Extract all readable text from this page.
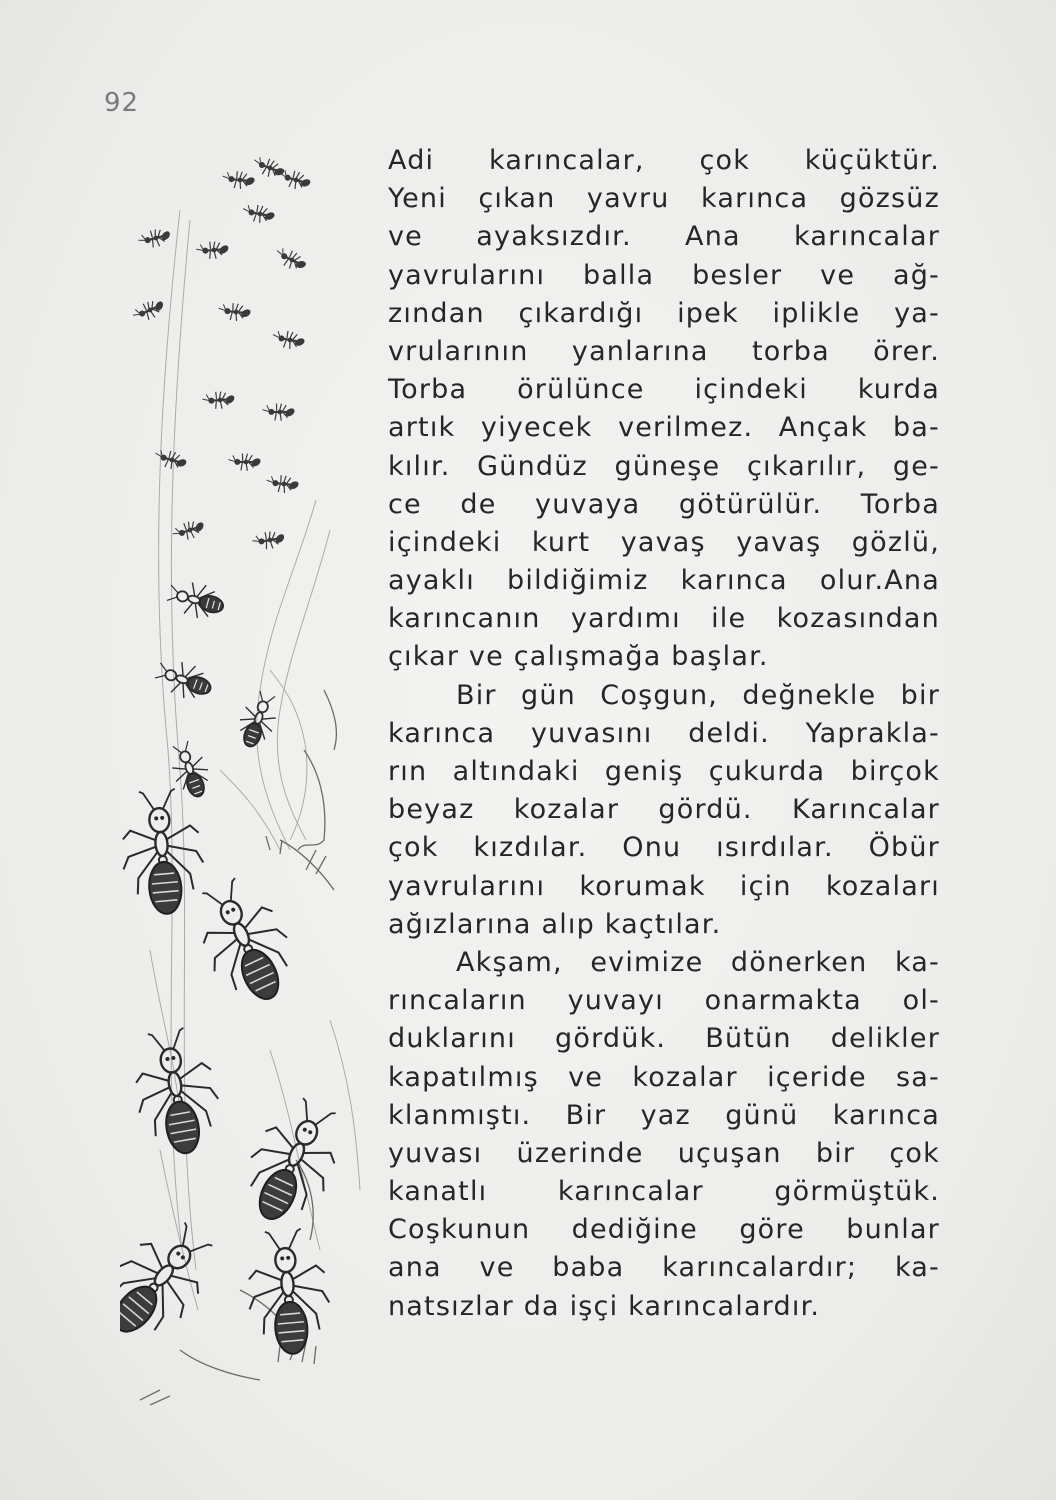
92
Adi karıncalar, çok küçüktür.
Yeni çıkan yavru karınca gözsüz
ve ayaksızdır. Ana karıncalar
yavrularını balla besler ve ağ-
zından çıkardığı ipek iplikle ya-
vrularının yanlarına torba örer.
Torba örülünce içindeki kurda
artık yiyecek verilmez. Ançak ba-
kılır. Gündüz güneşe çıkarılır, ge-
ce de yuvaya götürülür. Torba
içindeki kurt yavaş yavaş gözlü,
ayaklı bildiğimiz karınca olur.Ana
karıncanın yardımı ile kozasından
çıkar ve çalışmağa başlar.
Bir gün Coşgun, değnekle bir
karınca yuvasını deldi. Yaprakla-
rın altındaki geniş çukurda birçok
beyaz kozalar gördü. Karıncalar
çok kızdılar. Onu ısırdılar. Öbür
yavrularını korumak için kozaları
ağızlarına alıp kaçtılar.
Akşam, evimize dönerken ka-
rıncaların yuvayı onarmakta ol-
duklarını gördük. Bütün delikler
kapatılmış ve kozalar içeride sa-
klanmıştı. Bir yaz günü karınca
yuvası üzerinde uçuşan bir çok
kanatlı karıncalar görmüştük.
Coşkunun dediğine göre bunlar
ana ve baba karıncalardır; ka-
natsızlar da işçi karıncalardır.
